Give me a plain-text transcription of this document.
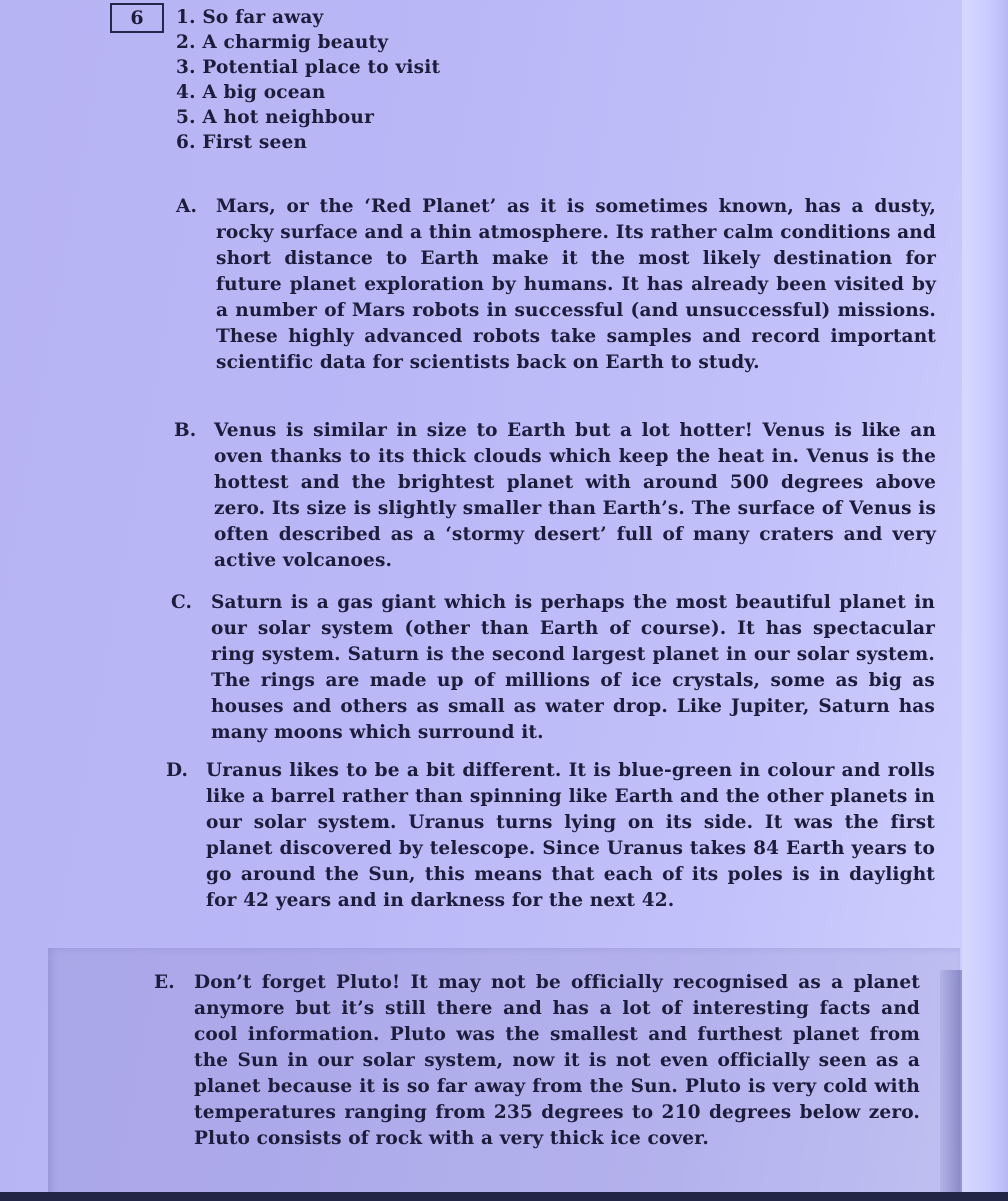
6	1. So far away
2. A charmig beauty
3. Potential place to visit
4. A big ocean
5. A hot neighbour
6. First seen
A. Mars, or the ‘Red Planet’ as it is sometimes known, has a dusty, rocky surface and a thin atmosphere. Its rather calm conditions and short distance to Earth make it the most likely destination for future planet exploration by humans. It has already been visited by a number of Mars robots in successful (and unsuccessful) missions. These highly advanced robots take samples and record important scientific data for scientists back on Earth to study.
B. Venus is similar in size to Earth but a lot hotter! Venus is like an oven thanks to its thick clouds which keep the heat in. Venus is the hottest and the brightest planet with around 500 degrees above zero. Its size is slightly smaller than Earth’s. The surface of Venus is often described as a ‘stormy desert’ full of many craters and very active volcanoes.
C. Saturn is a gas giant which is perhaps the most beautiful planet in our solar system (other than Earth of course). It has spectacular ring system. Saturn is the second largest planet in our solar system. The rings are made up of millions of ice crystals, some as big as houses and others as small as water drop. Like Jupiter, Saturn has many moons which surround it.
D. Uranus likes to be a bit different. It is blue-green in colour and rolls like a barrel rather than spinning like Earth and the other planets in our solar system. Uranus turns lying on its side. It was the first planet discovered by telescope. Since Uranus takes 84 Earth years to go around the Sun, this means that each of its poles is in daylight for 42 years and in darkness for the next 42.
E. Don’t forget Pluto! It may not be officially recognised as a planet anymore but it’s still there and has a lot of interesting facts and cool information. Pluto was the smallest and furthest planet from the Sun in our solar system, now it is not even officially seen as a planet because it is so far away from the Sun. Pluto is very cold with temperatures ranging from 235 degrees to 210 degrees below zero. Pluto consists of rock with a very thick ice cover.
